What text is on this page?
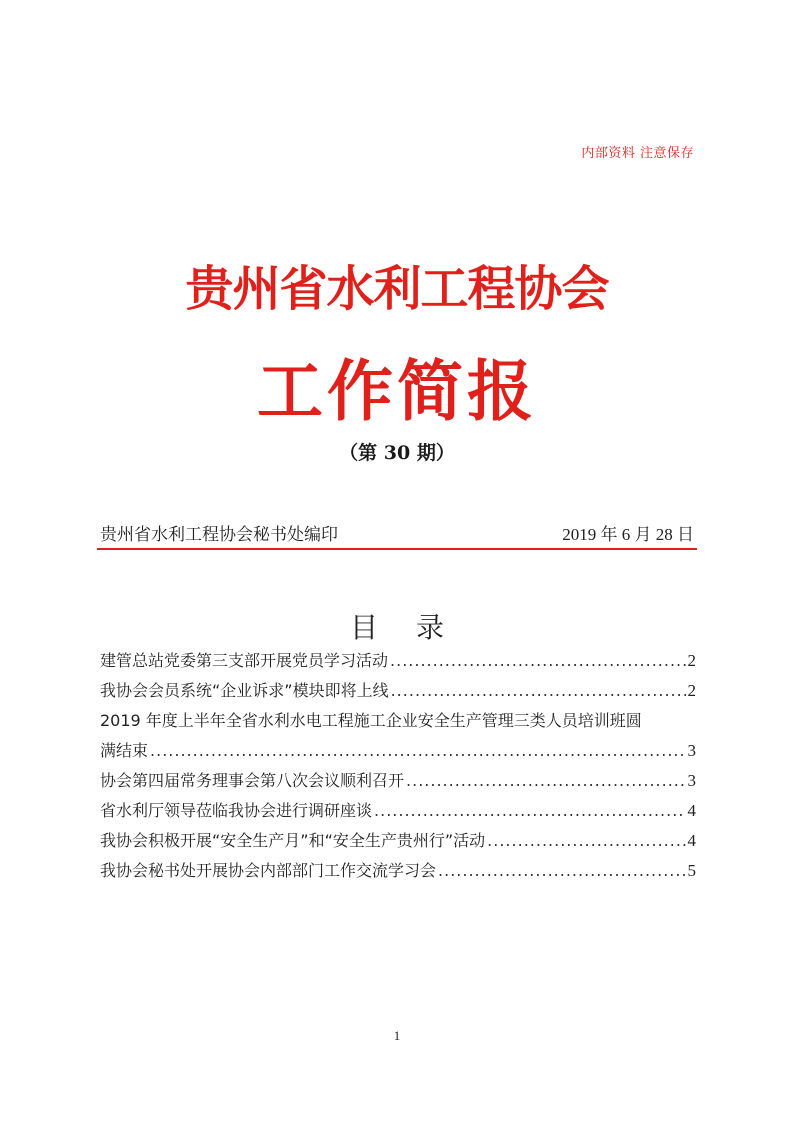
内部资料 注意保存
贵州省水利工程协会
工作简报
（第 30 期）
贵州省水利工程协会秘书处编印	2019 年 6 月 28 日
目录
建管总站党委第三支部开展党员学习活动 .....	2
我协会会员系统“企业诉求”模块即将上线 .....	2
2019 年度上半年全省水利水电工程施工企业安全生产管理三类人员培训班圆
满结束 .....	3
协会第四届常务理事会第八次会议顺利召开 .....	3
省水利厅领导莅临我协会进行调研座谈 .....	4
我协会积极开展“安全生产月”和“安全生产贵州行”活动 .....	4
我协会秘书处开展协会内部部门工作交流学习会 .....	5
1
